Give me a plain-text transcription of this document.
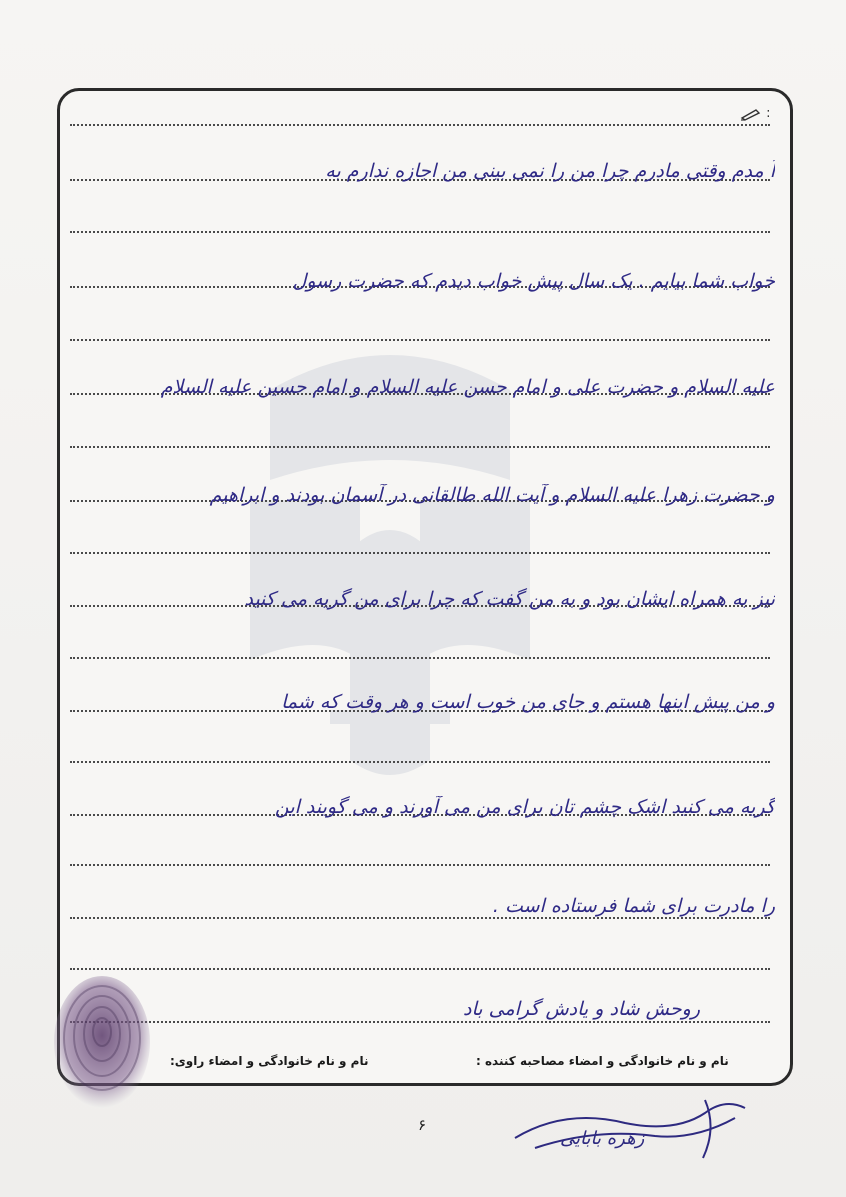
:
آ مدم وقتی مادرم چرا من را نمی بینی من اجازه ندارم به
خواب شما بیایم . یک سال پیش خواب دیدم که حضرت رسول
علیه السلام و حضرت علی و امام حسن علیه السلام و امام حسین علیه السلام
و حضرت زهرا علیه السلام و آیت الله طالقانی در آسمان بودند و ابراهیم
نیز به همراه ایشان بود و به من گفت که چرا برای من گریه می کنید
و من پیش اینها هستم و جای من خوب است و هر وقت که شما
گریه می کنید اشک چشم تان برای من می آورند و می گویند این
را مادرت برای شما فرستاده است .
روحش شاد و یادش گرامی باد
نام و نام خانوادگی و امضاء مصاحبه کننده :
نام و نام خانوادگی و امضاء راوی:
۶
زهره بابایی
